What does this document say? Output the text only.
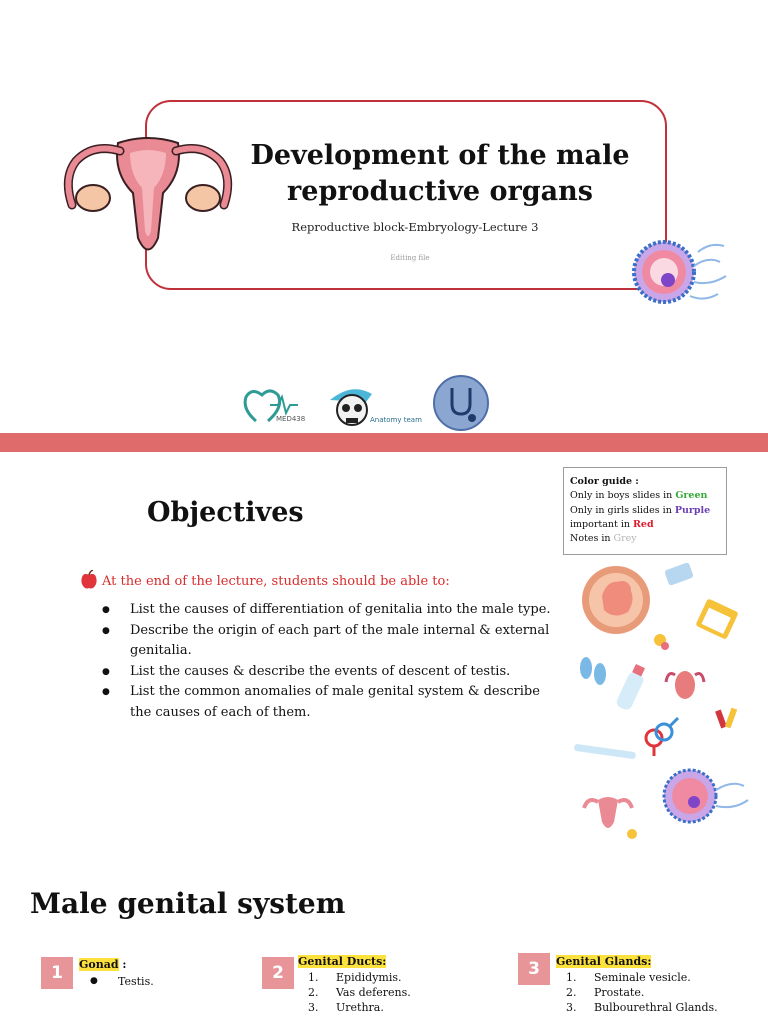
Development of the male
reproductive organs
Reproductive block-Embryology-Lecture 3
Editing file
MED438	Anatomy team
Color guide :
Only in boys slides in Green
Only in girls slides in Purple
important in Red
Notes in Grey
Objectives
At the end of the lecture, students should be able to:
● List the causes of differentiation of genitalia into the male type.
● Describe the origin of each part of the male internal & external genitalia.
● List the causes & describe the events of descent of testis.
● List the common anomalies of male genital system & describe the causes of each of them.
Male genital system
1	Gonad :
● Testis.	2
Genital Ducts:
1. Epididymis.
2. Vas deferens.
3. Urethra.
3	Genital Glands:
1. Seminale vesicle.
2. Prostate.
3. Bulbourethral Glands.
